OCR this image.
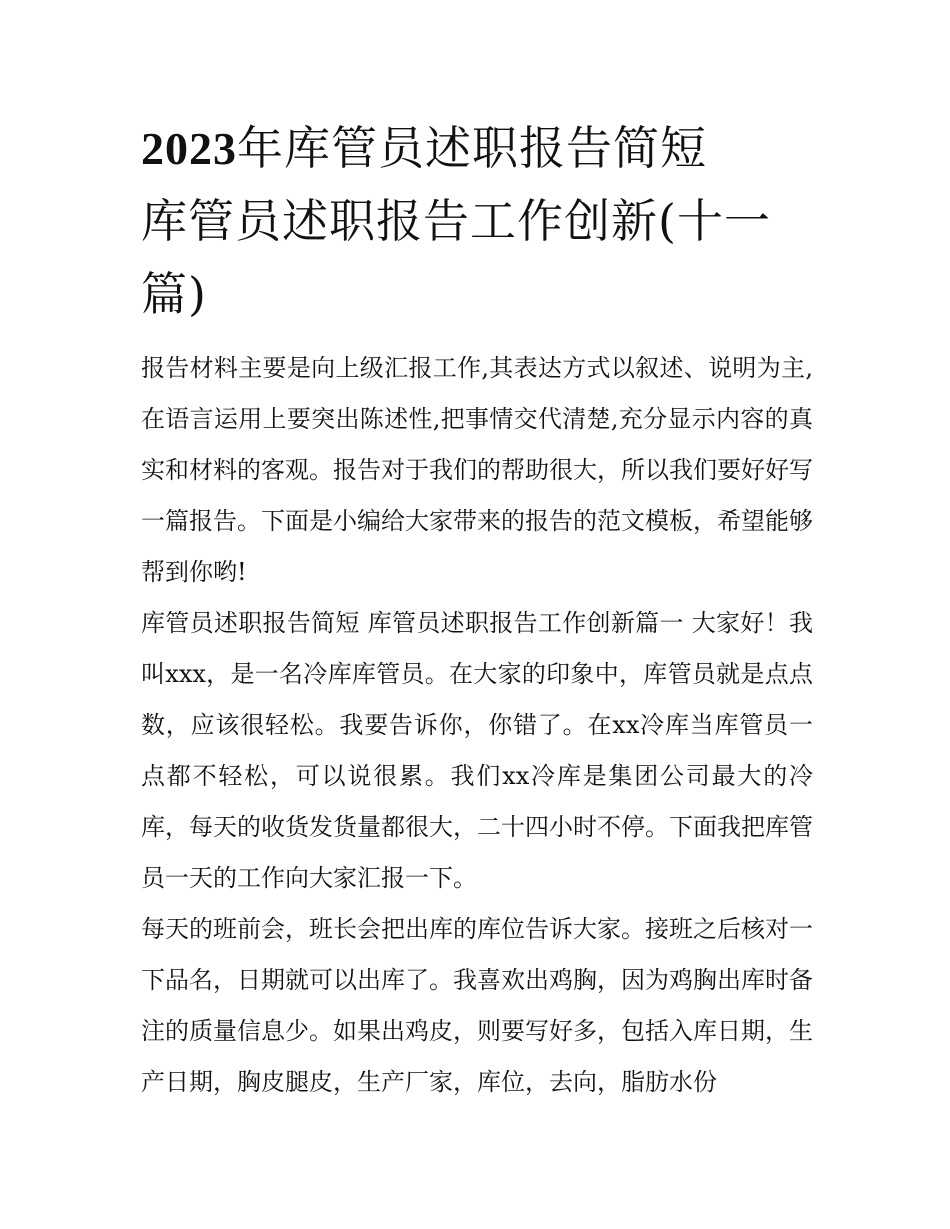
2023年库管员述职报告简短
库管员述职报告工作创新(十一篇)

报告材料主要是向上级汇报工作,其表达方式以叙述、说明为主,在语言运用上要突出陈述性,把事情交代清楚,充分显示内容的真实和材料的客观。报告对于我们的帮助很大，所以我们要好好写一篇报告。下面是小编给大家带来的报告的范文模板，希望能够帮到你哟!

库管员述职报告简短 库管员述职报告工作创新篇一 大家好！我叫xxx，是一名冷库库管员。在大家的印象中，库管员就是点点数，应该很轻松。我要告诉你，你错了。在xx冷库当库管员一点都不轻松，可以说很累。我们xx冷库是集团公司最大的冷库，每天的收货发货量都很大，二十四小时不停。下面我把库管员一天的工作向大家汇报一下。

每天的班前会，班长会把出库的库位告诉大家。接班之后核对一下品名，日期就可以出库了。我喜欢出鸡胸，因为鸡胸出库时备注的质量信息少。如果出鸡皮，则要写好多，包括入库日期，生产日期，胸皮腿皮，生产厂家，库位，去向，脂肪水份
